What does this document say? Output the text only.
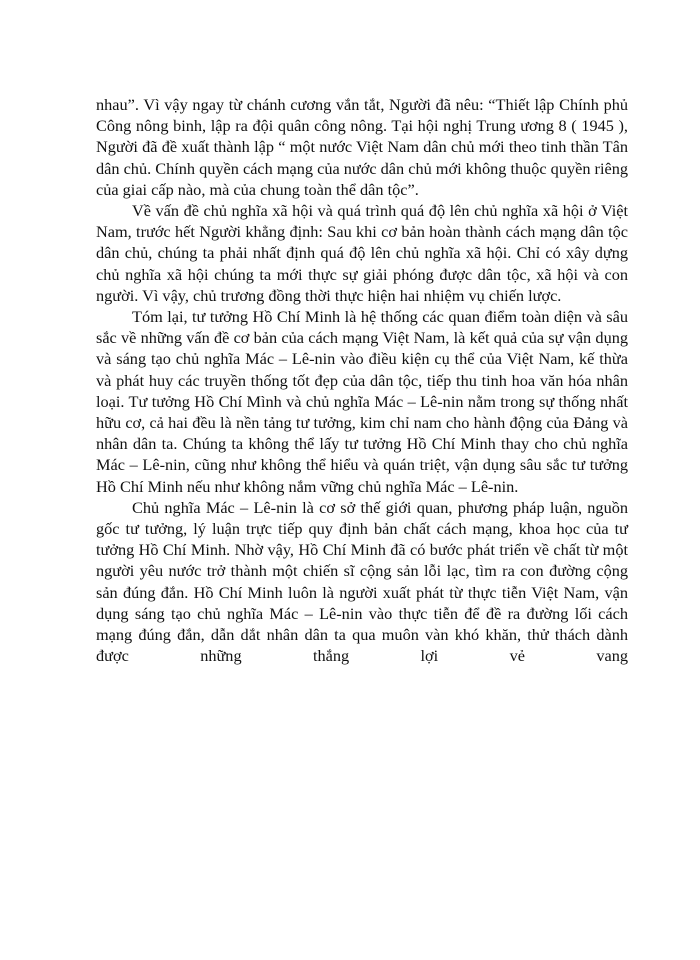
nhau”. Vì vậy ngay từ chánh cương vắn tắt, Người đã nêu: “Thiết lập Chính phủ Công nông binh, lập ra đội quân công nông. Tại hội nghị Trung ương 8 ( 1945 ), Người đã đề xuất thành lập “ một nước Việt Nam dân chủ mới theo tinh thần Tân dân chủ. Chính quyền cách mạng của nước dân chủ mới không thuộc quyền riêng của giai cấp nào, mà của chung toàn thể dân tộc”.

Về vấn đề chủ nghĩa xã hội và quá trình quá độ lên chủ nghĩa xã hội ở Việt Nam, trước hết Người khẳng định: Sau khi cơ bản hoàn thành cách mạng dân tộc dân chủ, chúng ta phải nhất định quá độ lên chủ nghĩa xã hội. Chỉ có xây dựng chủ nghĩa xã hội chúng ta mới thực sự giải phóng được dân tộc, xã hội và con người. Vì vậy, chủ trương đồng thời thực hiện hai nhiệm vụ chiến lược.

Tóm lại, tư tưởng Hồ Chí Minh là hệ thống các quan điểm toàn diện và sâu sắc về những vấn đề cơ bản của cách mạng Việt Nam, là kết quả của sự vận dụng và sáng tạo chủ nghĩa Mác – Lê-nin vào điều kiện cụ thể của Việt Nam, kế thừa và phát huy các truyền thống tốt đẹp của dân tộc, tiếp thu tinh hoa văn hóa nhân loại. Tư tưởng Hồ Chí Mình và chủ nghĩa Mác – Lê-nin nằm trong sự thống nhất hữu cơ, cả hai đều là nền tảng tư tưởng, kim chỉ nam cho hành động của Đảng và nhân dân ta. Chúng ta không thể lấy tư tưởng Hồ Chí Minh thay cho chủ nghĩa Mác – Lê-nin, cũng như không thể hiểu và quán triệt, vận dụng sâu sắc tư tưởng Hồ Chí Minh nếu như không nắm vững chủ nghĩa Mác – Lê-nin.

Chủ nghĩa Mác – Lê-nin là cơ sở thế giới quan, phương pháp luận, nguồn gốc tư tưởng, lý luận trực tiếp quy định bản chất cách mạng, khoa học của tư tưởng Hồ Chí Minh. Nhờ vậy, Hồ Chí Minh đã có bước phát triển về chất từ một người yêu nước trở thành một chiến sĩ cộng sản lỗi lạc, tìm ra con đường cộng sản đúng đắn. Hồ Chí Minh luôn là người xuất phát từ thực tiễn Việt Nam, vận dụng sáng tạo chủ nghĩa Mác – Lê-nin vào thực tiễn để đề ra đường lối cách mạng đúng đắn, dẫn dắt nhân dân ta qua muôn vàn khó khăn, thử thách dành được những thắng lợi vẻ vang
